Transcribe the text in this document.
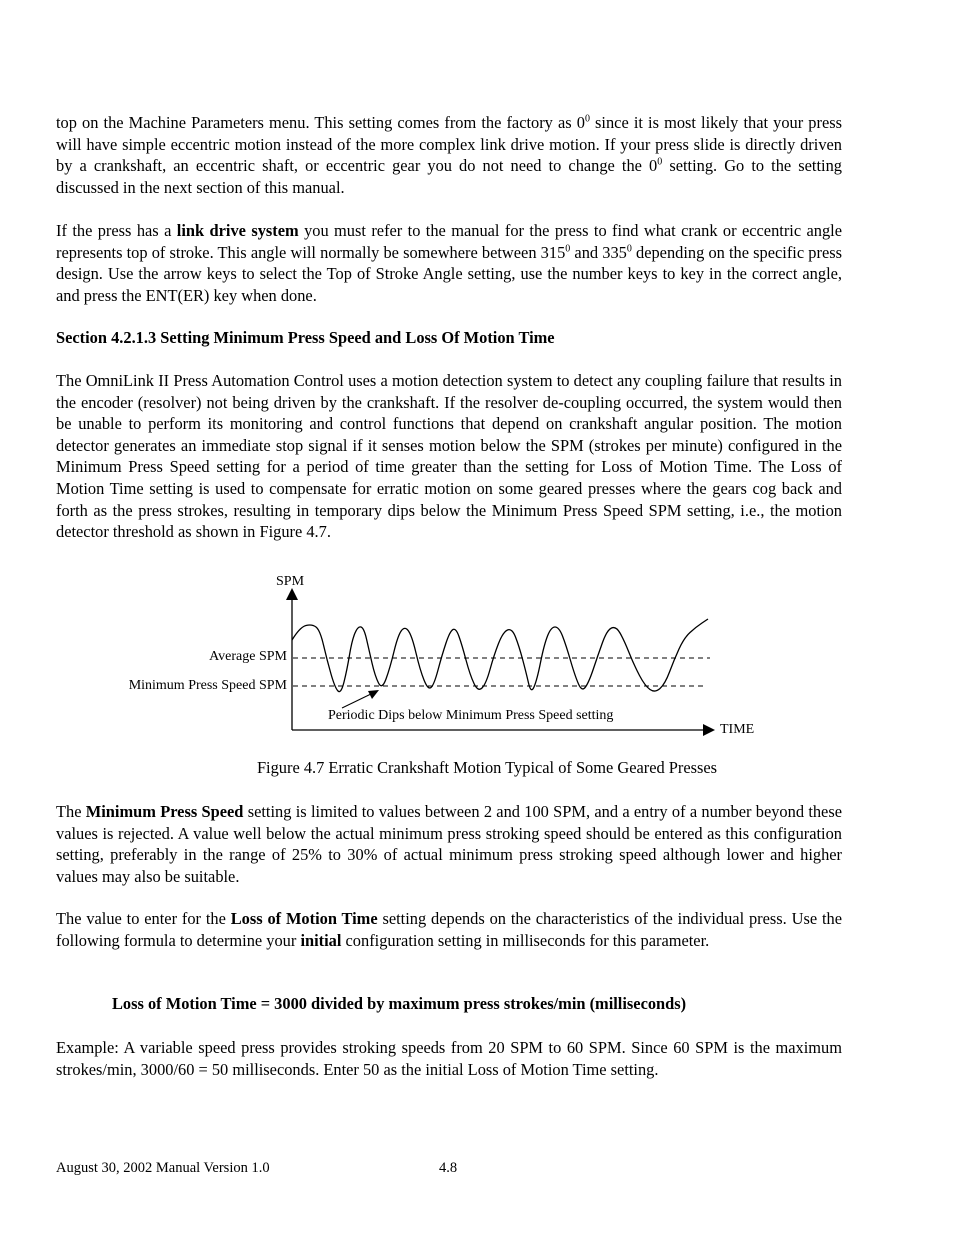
top on the Machine Parameters menu. This setting comes from the factory as $0^0$ since it is most likely that your press will have simple eccentric motion instead of the more complex link drive motion. If your press slide is directly driven by a crankshaft, an eccentric shaft, or eccentric gear you do not need to change the $0^0$ setting. Go to the setting discussed in the next section of this manual.

If the press has a link drive system you must refer to the manual for the press to find what crank or eccentric angle represents top of stroke. This angle will normally be somewhere between $315^0$ and $335^0$ depending on the specific press design. Use the arrow keys to select the Top of Stroke Angle setting, use the number keys to key in the correct angle, and press the ENT(ER) key when done.

Section 4.2.1.3 Setting Minimum Press Speed and Loss Of Motion Time

The OmniLink II Press Automation Control uses a motion detection system to detect any coupling failure that results in the encoder (resolver) not being driven by the crankshaft. If the resolver de-coupling occurred, the system would then be unable to perform its monitoring and control functions that depend on crankshaft angular position. The motion detector generates an immediate stop signal if it senses motion below the SPM (strokes per minute) configured in the Minimum Press Speed setting for a period of time greater than the setting for Loss of Motion Time. The Loss of Motion Time setting is used to compensate for erratic motion on some geared presses where the gears cog back and forth as the press strokes, resulting in temporary dips below the Minimum Press Speed SPM setting, i.e., the motion detector threshold as shown in Figure 4.7.

SPM
TIME
Average SPM
Minimum Press Speed SPM
Periodic Dips below Minimum Press Speed setting
Figure 4.7 Erratic Crankshaft Motion Typical of Some Geared Presses

The Minimum Press Speed setting is limited to values between 2 and 100 SPM, and a entry of a number beyond these values is rejected. A value well below the actual minimum press stroking speed should be entered as this configuration setting, preferably in the range of 25% to 30% of actual minimum press stroking speed although lower and higher values may also be suitable.

The value to enter for the Loss of Motion Time setting depends on the characteristics of the individual press. Use the following formula to determine your initial configuration setting in milliseconds for this parameter.

Loss of Motion Time = 3000 divided by maximum press strokes/min (milliseconds)

Example: A variable speed press provides stroking speeds from 20 SPM to 60 SPM. Since 60 SPM is the maximum strokes/min, 3000/60 = 50 milliseconds. Enter 50 as the initial Loss of Motion Time setting.

August 30, 2002 Manual Version 1.0	4.8
